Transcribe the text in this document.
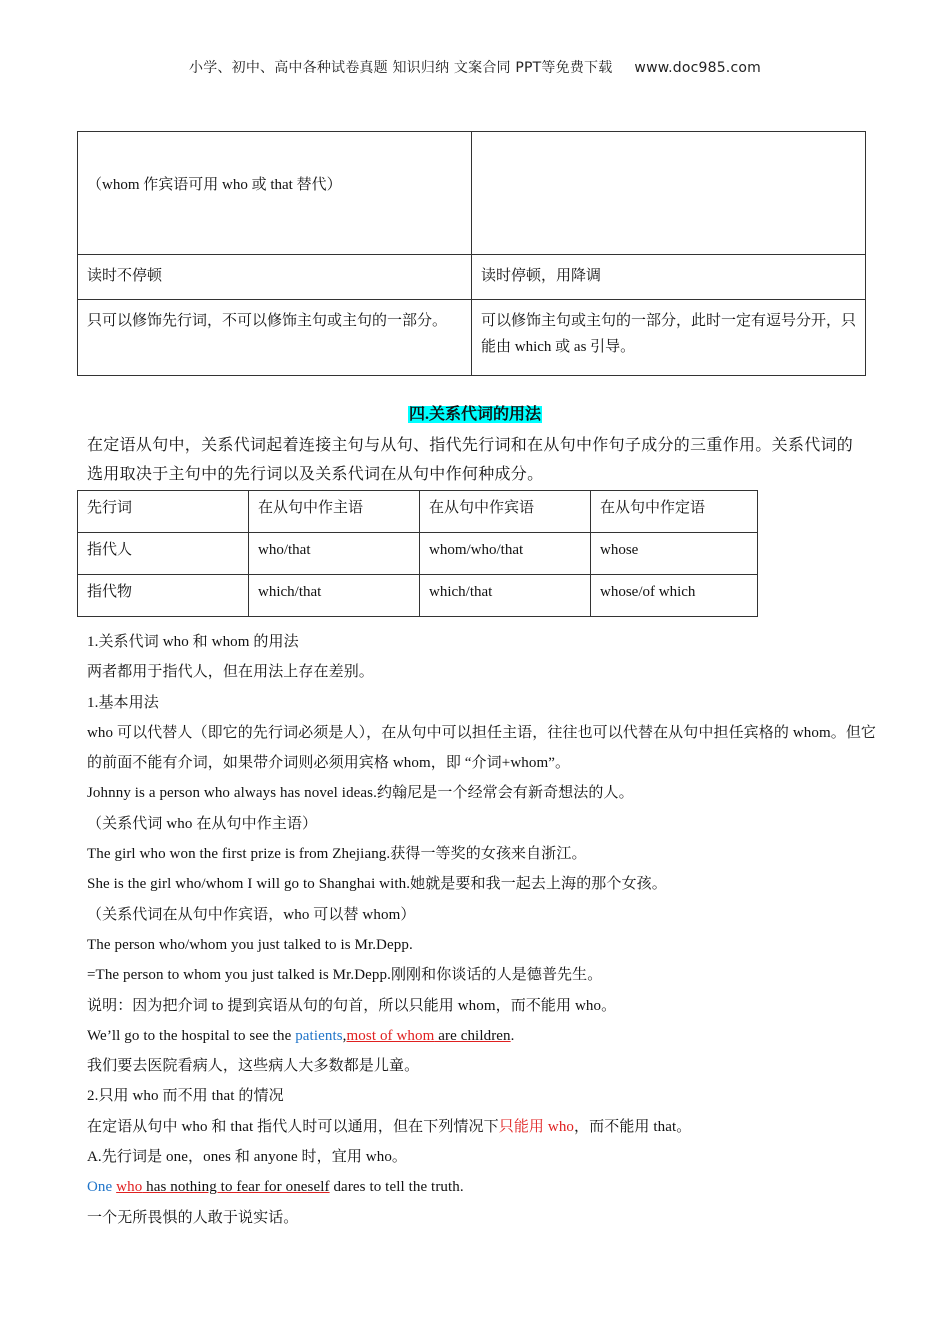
小学、初中、高中各种试卷真题 知识归纳 文案合同 PPT等免费下载 www.doc985.com
（whom 作宾语可用 who 或 that 替代）	
读时不停顿	读时停顿，用降调
只可以修饰先行词，不可以修饰主句或主句的一部分。	可以修饰主句或主句的一部分，此时一定有逗号分开，只能由 which 或 as 引导。
四.关系代词的用法
在定语从句中，关系代词起着连接主句与从句、指代先行词和在从句中作句子成分的三重作用。关系代词的选用取决于主句中的先行词以及关系代词在从句中作何种成分。
先行词	在从句中作主语	在从句中作宾语	在从句中作定语
指代人	who/that	whom/who/that	whose
指代物	which/that	which/that	whose/of which

1.关系代词 who 和 whom 的用法

两者都用于指代人，但在用法上存在差别。

1.基本用法

who 可以代替人（即它的先行词必须是人），在从句中可以担任主语，往往也可以代替在从句中担任宾格的 whom。但它的前面不能有介词，如果带介词则必须用宾格 whom，即 “介词+whom”。

Johnny is a person who always has novel ideas.约翰尼是一个经常会有新奇想法的人。

（关系代词 who 在从句中作主语）

The girl who won the first prize is from Zhejiang.获得一等奖的女孩来自浙江。

She is the girl who/whom I will go to Shanghai with.她就是要和我一起去上海的那个女孩。

（关系代词在从句中作宾语，who 可以替 whom）

The person who/whom you just talked to is Mr.Depp.

=The person to whom you just talked is Mr.Depp.刚刚和你谈话的人是德普先生。

说明：因为把介词 to 提到宾语从句的句首，所以只能用 whom，而不能用 who。

We’ll go to the hospital to see the patients,most of whom are children.

我们要去医院看病人，这些病人大多数都是儿童。

2.只用 who 而不用 that 的情况

在定语从句中 who 和 that 指代人时可以通用，但在下列情况下只能用 who，而不能用 that。

A.先行词是 one，ones 和 anyone 时，宜用 who。

One who has nothing to fear for oneself dares to tell the truth.

一个无所畏惧的人敢于说实话。
